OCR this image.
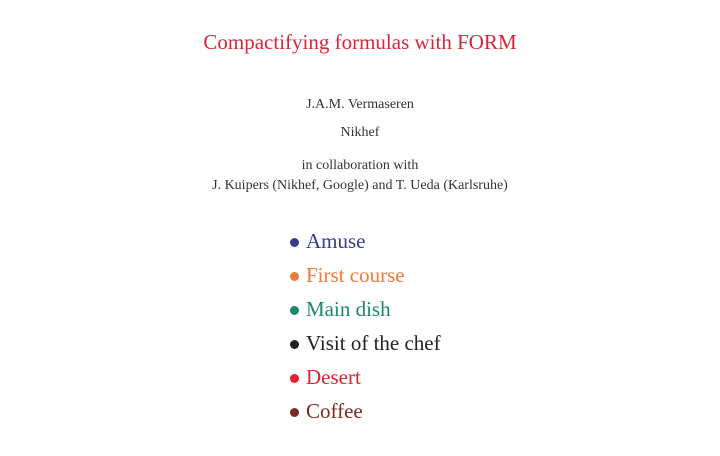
Compactifying formulas with FORM
J.A.M. Vermaseren
Nikhef
in collaboration with
J. Kuipers (Nikhef, Google) and T. Ueda (Karlsruhe)
Amuse
First course
Main dish
Visit of the chef
Desert
Coffee
